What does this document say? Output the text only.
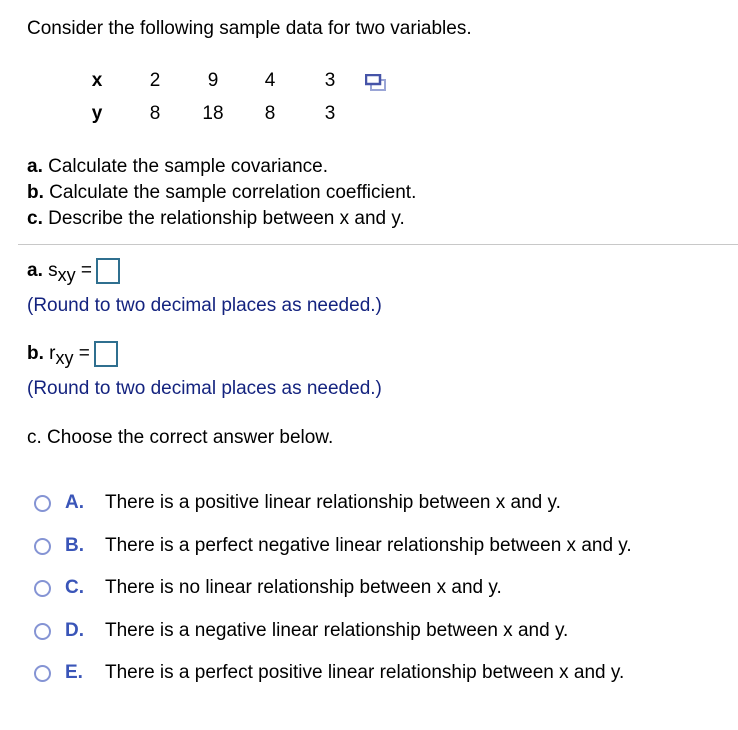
Consider the following sample data for two variables.
x	2	9	4	3
y	8	18	8	3
a. Calculate the sample covariance.
b. Calculate the sample correlation coefficient.
c. Describe the relationship between x and y.
a. $s_{xy}$ =
(Round to two decimal places as needed.)
b. $r_{xy}$ =
(Round to two decimal places as needed.)
c. Choose the correct answer below.
A. There is a positive linear relationship between x and y.
B. There is a perfect negative linear relationship between x and y.
C. There is no linear relationship between x and y.
D. There is a negative linear relationship between x and y.
E. There is a perfect positive linear relationship between x and y.
